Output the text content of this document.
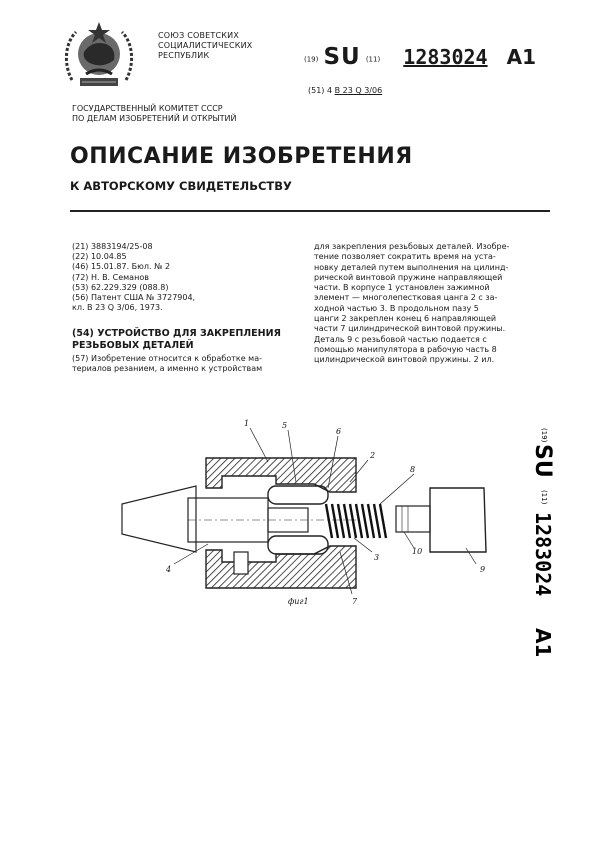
СОЮЗ СОВЕТСКИХ
СОЦИАЛИСТИЧЕСКИХ
РЕСПУБЛИК	(19) SU (11) 1283024 A1
(51) 4 В 23 Q 3/06
ГОСУДАРСТВЕННЫЙ КОМИТЕТ СССР
ПО ДЕЛАМ ИЗОБРЕТЕНИЙ И ОТКРЫТИЙ
ОПИСАНИЕ ИЗОБРЕТЕНИЯ
К АВТОРСКОМУ СВИДЕТЕЛЬСТВУ
(21) 3883194/25-08
(22) 10.04.85
(46) 15.01.87. Бюл. № 2
(72) Н. В. Семанов
(53) 62.229.329 (088.8)
(56) Патент США № 3727904,
кл. В 23 Q 3/06, 1973.
(54) УСТРОЙСТВО ДЛЯ ЗАКРЕПЛЕНИЯ
РЕЗЬБОВЫХ ДЕТАЛЕЙ
(57) Изобретение относится к обработке ма-
териалов резанием, а именно к устройствам
для закрепления резьбовых деталей. Изобре-
тение позволяет сократить время на уста-
новку деталей путем выполнения на цилинд-
рической винтовой пружине направляющей
части. В корпусе 1 установлен зажимной
элемент — многолепестковая цанга 2 с за-
ходной частью 3. В продольном пазу 5
цанги 2 закреплен конец 6 направляющей
части 7 цилиндрической винтовой пружины.
Деталь 9 с резьбовой частью подается с
помощью манипулятора в рабочую часть 8
цилиндрической винтовой пружины. 2 ил.
1
2
3
4
5
6
7
8
9
10
фиг1
(19)
SU
(11)
1283024
A1
